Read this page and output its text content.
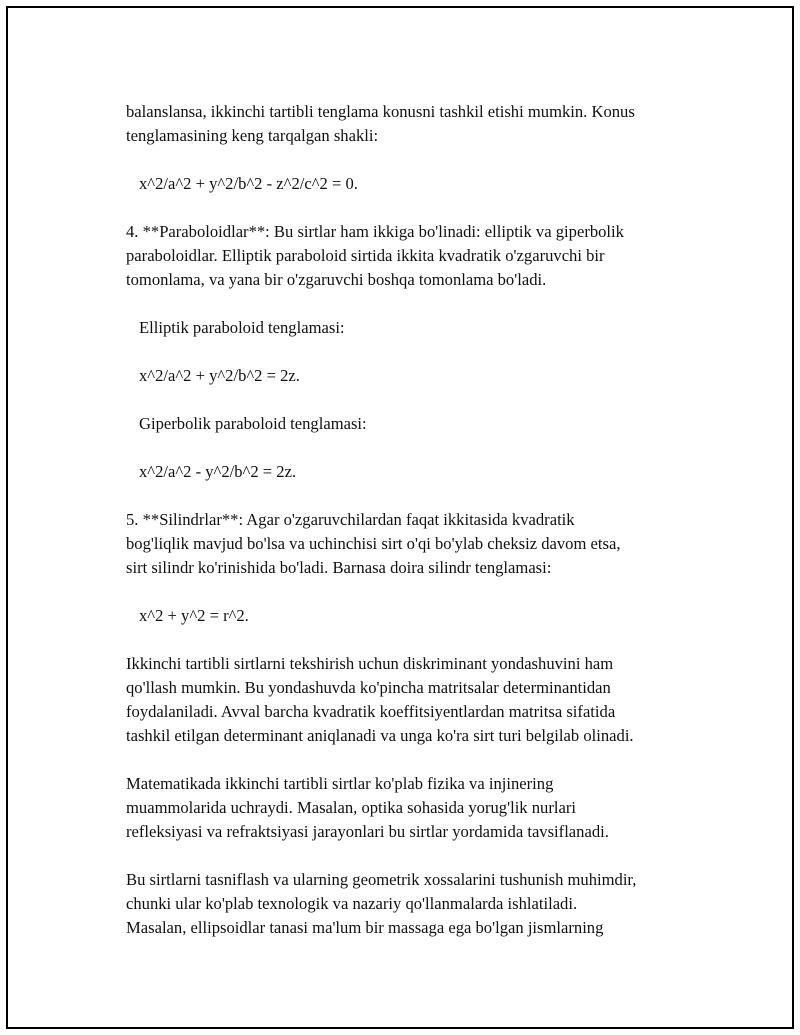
balanslansa, ikkinchi tartibli tenglama konusni tashkil etishi mumkin. Konus
tenglamasining keng tarqalgan shakli:
x^2/a^2 + y^2/b^2 - z^2/c^2 = 0.
4. **Paraboloidlar**: Bu sirtlar ham ikkiga bo'linadi: elliptik va giperbolik
paraboloidlar. Elliptik paraboloid sirtida ikkita kvadratik o'zgaruvchi bir
tomonlama, va yana bir o'zgaruvchi boshqa tomonlama bo'ladi.
Elliptik paraboloid tenglamasi:
x^2/a^2 + y^2/b^2 = 2z.
Giperbolik paraboloid tenglamasi:
x^2/a^2 - y^2/b^2 = 2z.
5. **Silindrlar**: Agar o'zgaruvchilardan faqat ikkitasida kvadratik
bog'liqlik mavjud bo'lsa va uchinchisi sirt o'qi bo'ylab cheksiz davom etsa,
sirt silindr ko'rinishida bo'ladi. Barnasa doira silindr tenglamasi:
x^2 + y^2 = r^2.
Ikkinchi tartibli sirtlarni tekshirish uchun diskriminant yondashuvini ham
qo'llash mumkin. Bu yondashuvda ko'pincha matritsalar determinantidan
foydalaniladi. Avval barcha kvadratik koeffitsiyentlardan matritsa sifatida
tashkil etilgan determinant aniqlanadi va unga ko'ra sirt turi belgilab olinadi.
Matematikada ikkinchi tartibli sirtlar ko'plab fizika va injinering
muammolarida uchraydi. Masalan, optika sohasida yorug'lik nurlari
refleksiyasi va refraktsiyasi jarayonlari bu sirtlar yordamida tavsiflanadi.
Bu sirtlarni tasniflash va ularning geometrik xossalarini tushunish muhimdir,
chunki ular ko'plab texnologik va nazariy qo'llanmalarda ishlatiladi.
Masalan, ellipsoidlar tanasi ma'lum bir massaga ega bo'lgan jismlarning
